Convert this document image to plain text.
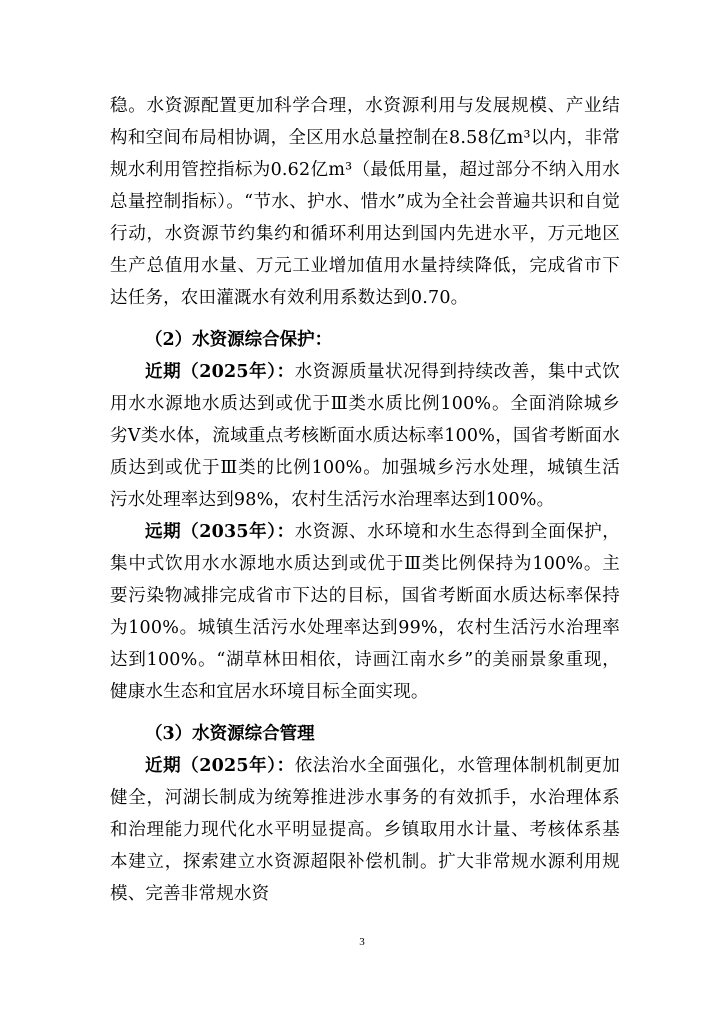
稳。水资源配置更加科学合理，水资源利用与发展规模、产业结构和空间布局相协调，全区用水总量控制在8.58亿m³以内，非常规水利用管控指标为0.62亿m³（最低用量，超过部分不纳入用水总量控制指标）。“节水、护水、惜水”成为全社会普遍共识和自觉行动，水资源节约集约和循环利用达到国内先进水平，万元地区生产总值用水量、万元工业增加值用水量持续降低，完成省市下达任务，农田灌溉水有效利用系数达到0.70。

（2）水资源综合保护：

近期（2025年）：水资源质量状况得到持续改善，集中式饮用水水源地水质达到或优于Ⅲ类水质比例100%。全面消除城乡劣Ⅴ类水体，流域重点考核断面水质达标率100%，国省考断面水质达到或优于Ⅲ类的比例100%。加强城乡污水处理，城镇生活污水处理率达到98%，农村生活污水治理率达到100%。

远期（2035年）：水资源、水环境和水生态得到全面保护，集中式饮用水水源地水质达到或优于Ⅲ类比例保持为100%。主要污染物减排完成省市下达的目标，国省考断面水质达标率保持为100%。城镇生活污水处理率达到99%，农村生活污水治理率达到100%。“湖草林田相依，诗画江南水乡”的美丽景象重现，健康水生态和宜居水环境目标全面实现。

（3）水资源综合管理

近期（2025年）：依法治水全面强化，水管理体制机制更加健全，河湖长制成为统筹推进涉水事务的有效抓手，水治理体系和治理能力现代化水平明显提高。乡镇取用水计量、考核体系基本建立，探索建立水资源超限补偿机制。扩大非常规水源利用规模、完善非常规水资

3
